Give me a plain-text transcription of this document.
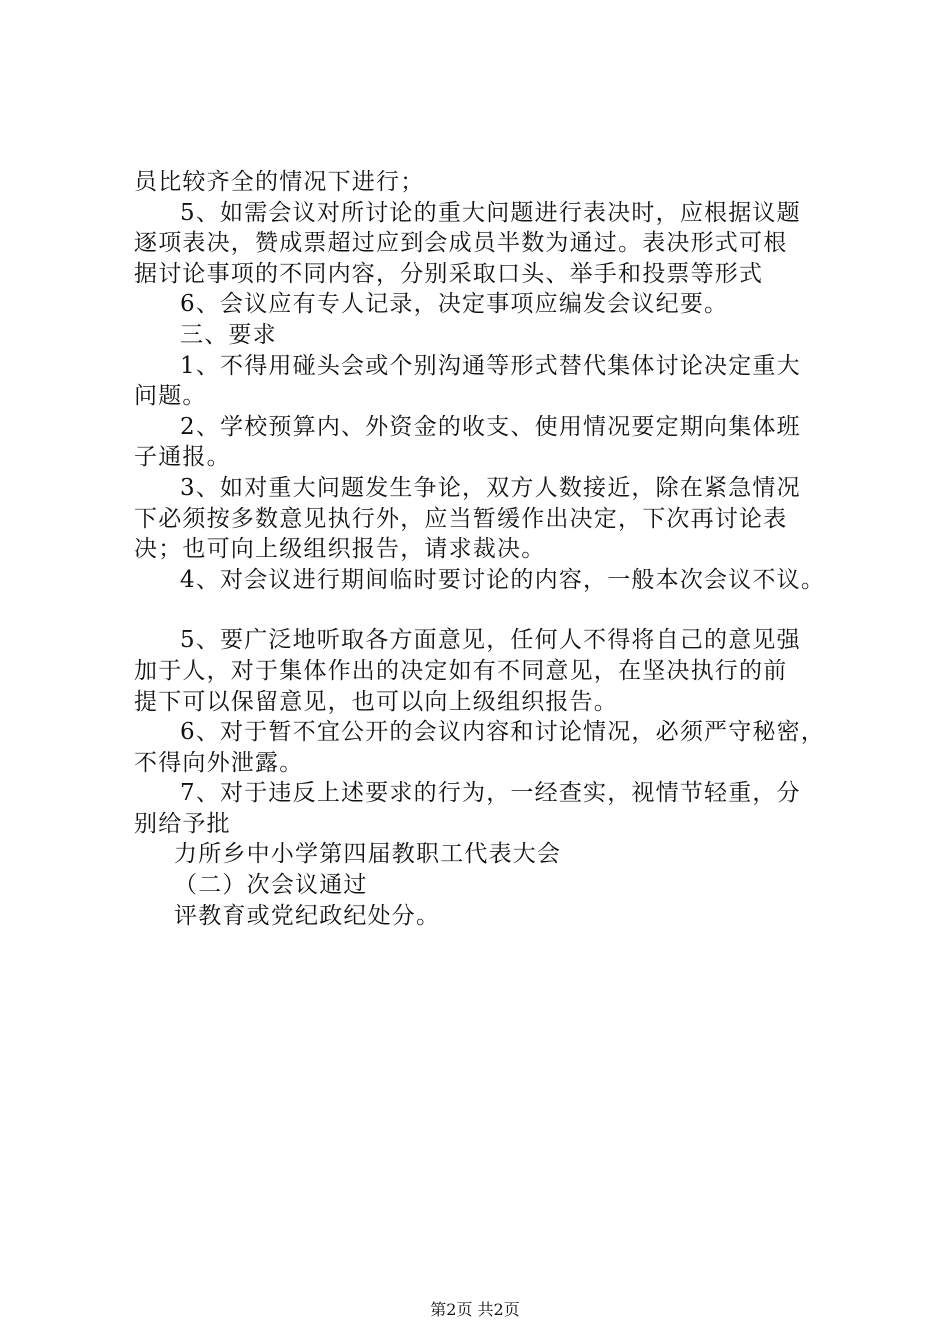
员比较齐全的情况下进行；
5、如需会议对所讨论的重大问题进行表决时，应根据议题
逐项表决，赞成票超过应到会成员半数为通过。表决形式可根
据讨论事项的不同内容，分别采取口头、举手和投票等形式
6、会议应有专人记录，决定事项应编发会议纪要。
三、要求
1、不得用碰头会或个别沟通等形式替代集体讨论决定重大
问题。
2、学校预算内、外资金的收支、使用情况要定期向集体班
子通报。
3、如对重大问题发生争论，双方人数接近，除在紧急情况
下必须按多数意见执行外，应当暂缓作出决定，下次再讨论表
决；也可向上级组织报告，请求裁决。
4、对会议进行期间临时要讨论的内容，一般本次会议不议。
5、要广泛地听取各方面意见，任何人不得将自己的意见强
加于人，对于集体作出的决定如有不同意见，在坚决执行的前
提下可以保留意见，也可以向上级组织报告。
6、对于暂不宜公开的会议内容和讨论情况，必须严守秘密，
不得向外泄露。
7、对于违反上述要求的行为，一经查实，视情节轻重，分
别给予批
力所乡中小学第四届教职工代表大会
（二）次会议通过
评教育或党纪政纪处分。
第2页 共2页
